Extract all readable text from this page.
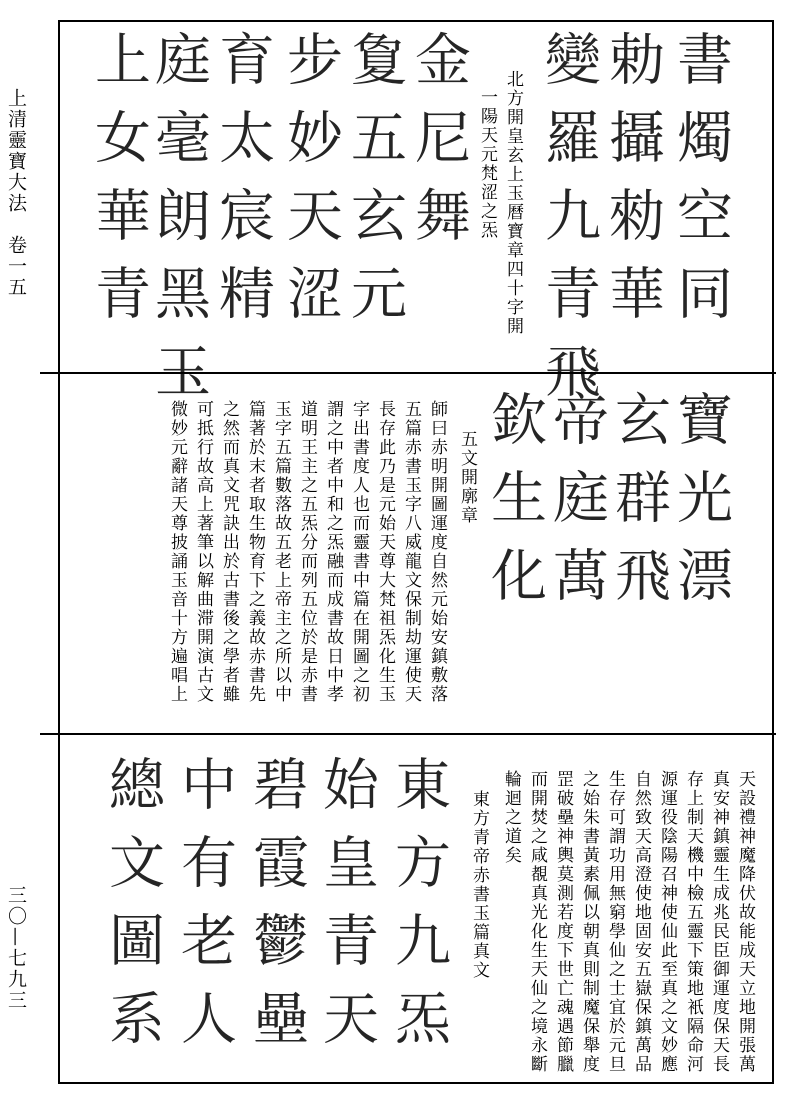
上清靈寶大法　卷一五
三〇—七九三
書燭空同
勅攝勑華
變羅九青飛
北方開皇玄上玉曆寶章四十字開
一陽天元梵涩之炁
金尼舞
夐五玄元
步妙天涩
育太宸精
庭毫朗黑玉
上女華青
寶光漂
玄群飛
帝庭萬
欽生化
五文開廓章
師曰赤明開圖運度自然元始安鎮敷落
五篇赤書玉字八威龍文保制劫運使天
長存此乃是元始天尊大梵祖炁化生玉
字出書度人也而靈書中篇在開圖之初
謂之中者中和之炁融而成書故日中孝
道明王主之五炁分而列五位於是赤書
玉字五篇數落故五老上帝主之所以中
篇著於末者取生物育下之義故赤書先
之然而真文咒訣出於古書後之學者雖
可抵行故高上著筆以解曲滞開演古文
微妙元辭諸天尊披誦玉音十方遍唱上
天設禮神魔降伏故能成天立地開張萬
真安神鎮靈生成兆民臣御運度保天長
存上制天機中檢五靈下策地衹隔命河
源運役陰陽召神使仙此至真之文妙應
自然致天高澄使地固安五嶽保鎮萬品
生存可謂功用無窮學仙之士宜於元旦
之始朱書黃素佩以朝真則制魔保舉度
罡破壘神輿莫測若度下世亡魂遇節臘
而開焚之咸覩真光化生天仙之境永斷
輪迴之道矣
東方青帝赤書玉篇真文
東方九炁
始皇青天
碧霞鬱壘
中有老人
總文圖系
